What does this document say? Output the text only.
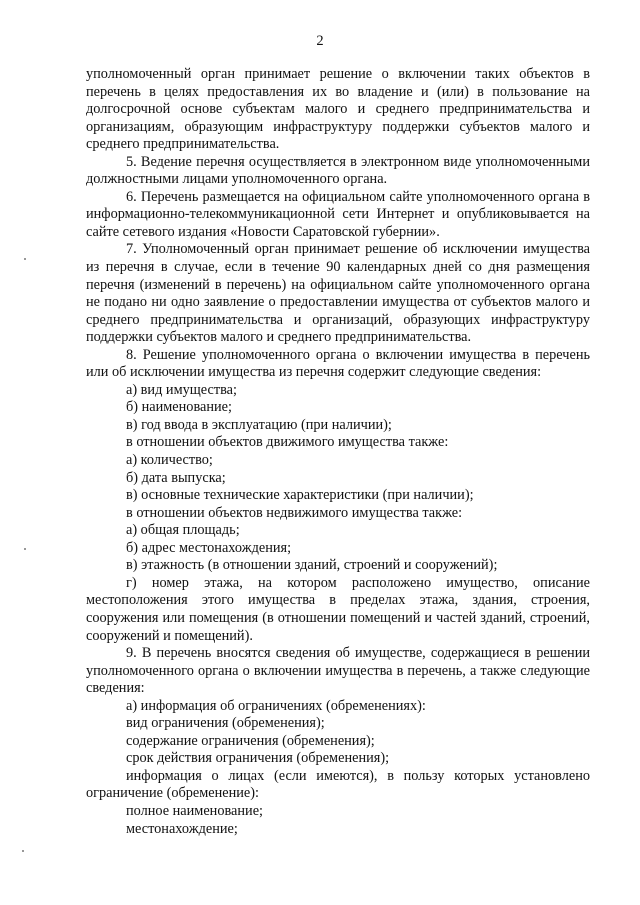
2

уполномоченный орган принимает решение о включении таких объектов в перечень в целях предоставления их во владение и (или) в пользование на долгосрочной основе субъектам малого и среднего предпринимательства и организациям, образующим инфраструктуру поддержки субъектов малого и среднего предпринимательства.

5. Ведение перечня осуществляется в электронном виде уполномоченными должностными лицами уполномоченного органа.

6. Перечень размещается на официальном сайте уполномоченного органа в информационно-телекоммуникационной сети Интернет и опубликовывается на сайте сетевого издания «Новости Саратовской губернии».

7. Уполномоченный орган принимает решение об исключении имущества из перечня в случае, если в течение 90 календарных дней со дня размещения перечня (изменений в перечень) на официальном сайте уполномоченного органа не подано ни одно заявление о предоставлении имущества от субъектов малого и среднего предпринимательства и организаций, образующих инфраструктуру поддержки субъектов малого и среднего предпринимательства.

8. Решение уполномоченного органа о включении имущества в перечень или об исключении имущества из перечня содержит следующие сведения:

а) вид имущества;
б) наименование;
в) год ввода в эксплуатацию (при наличии);
в отношении объектов движимого имущества также:
а) количество;
б) дата выпуска;
в) основные технические характеристики (при наличии);
в отношении объектов недвижимого имущества также:
а) общая площадь;
б) адрес местонахождения;
в) этажность (в отношении зданий, строений и сооружений);

г) номер этажа, на котором расположено имущество, описание местоположения этого имущества в пределах этажа, здания, строения, сооружения или помещения (в отношении помещений и частей зданий, строений, сооружений и помещений).

9. В перечень вносятся сведения об имуществе, содержащиеся в решении уполномоченного органа о включении имущества в перечень, а также следующие сведения:

а) информация об ограничениях (обременениях):
вид ограничения (обременения);
содержание ограничения (обременения);
срок действия ограничения (обременения);

информация о лицах (если имеются), в пользу которых установлено ограничение (обременение):

полное наименование;
местонахождение;
